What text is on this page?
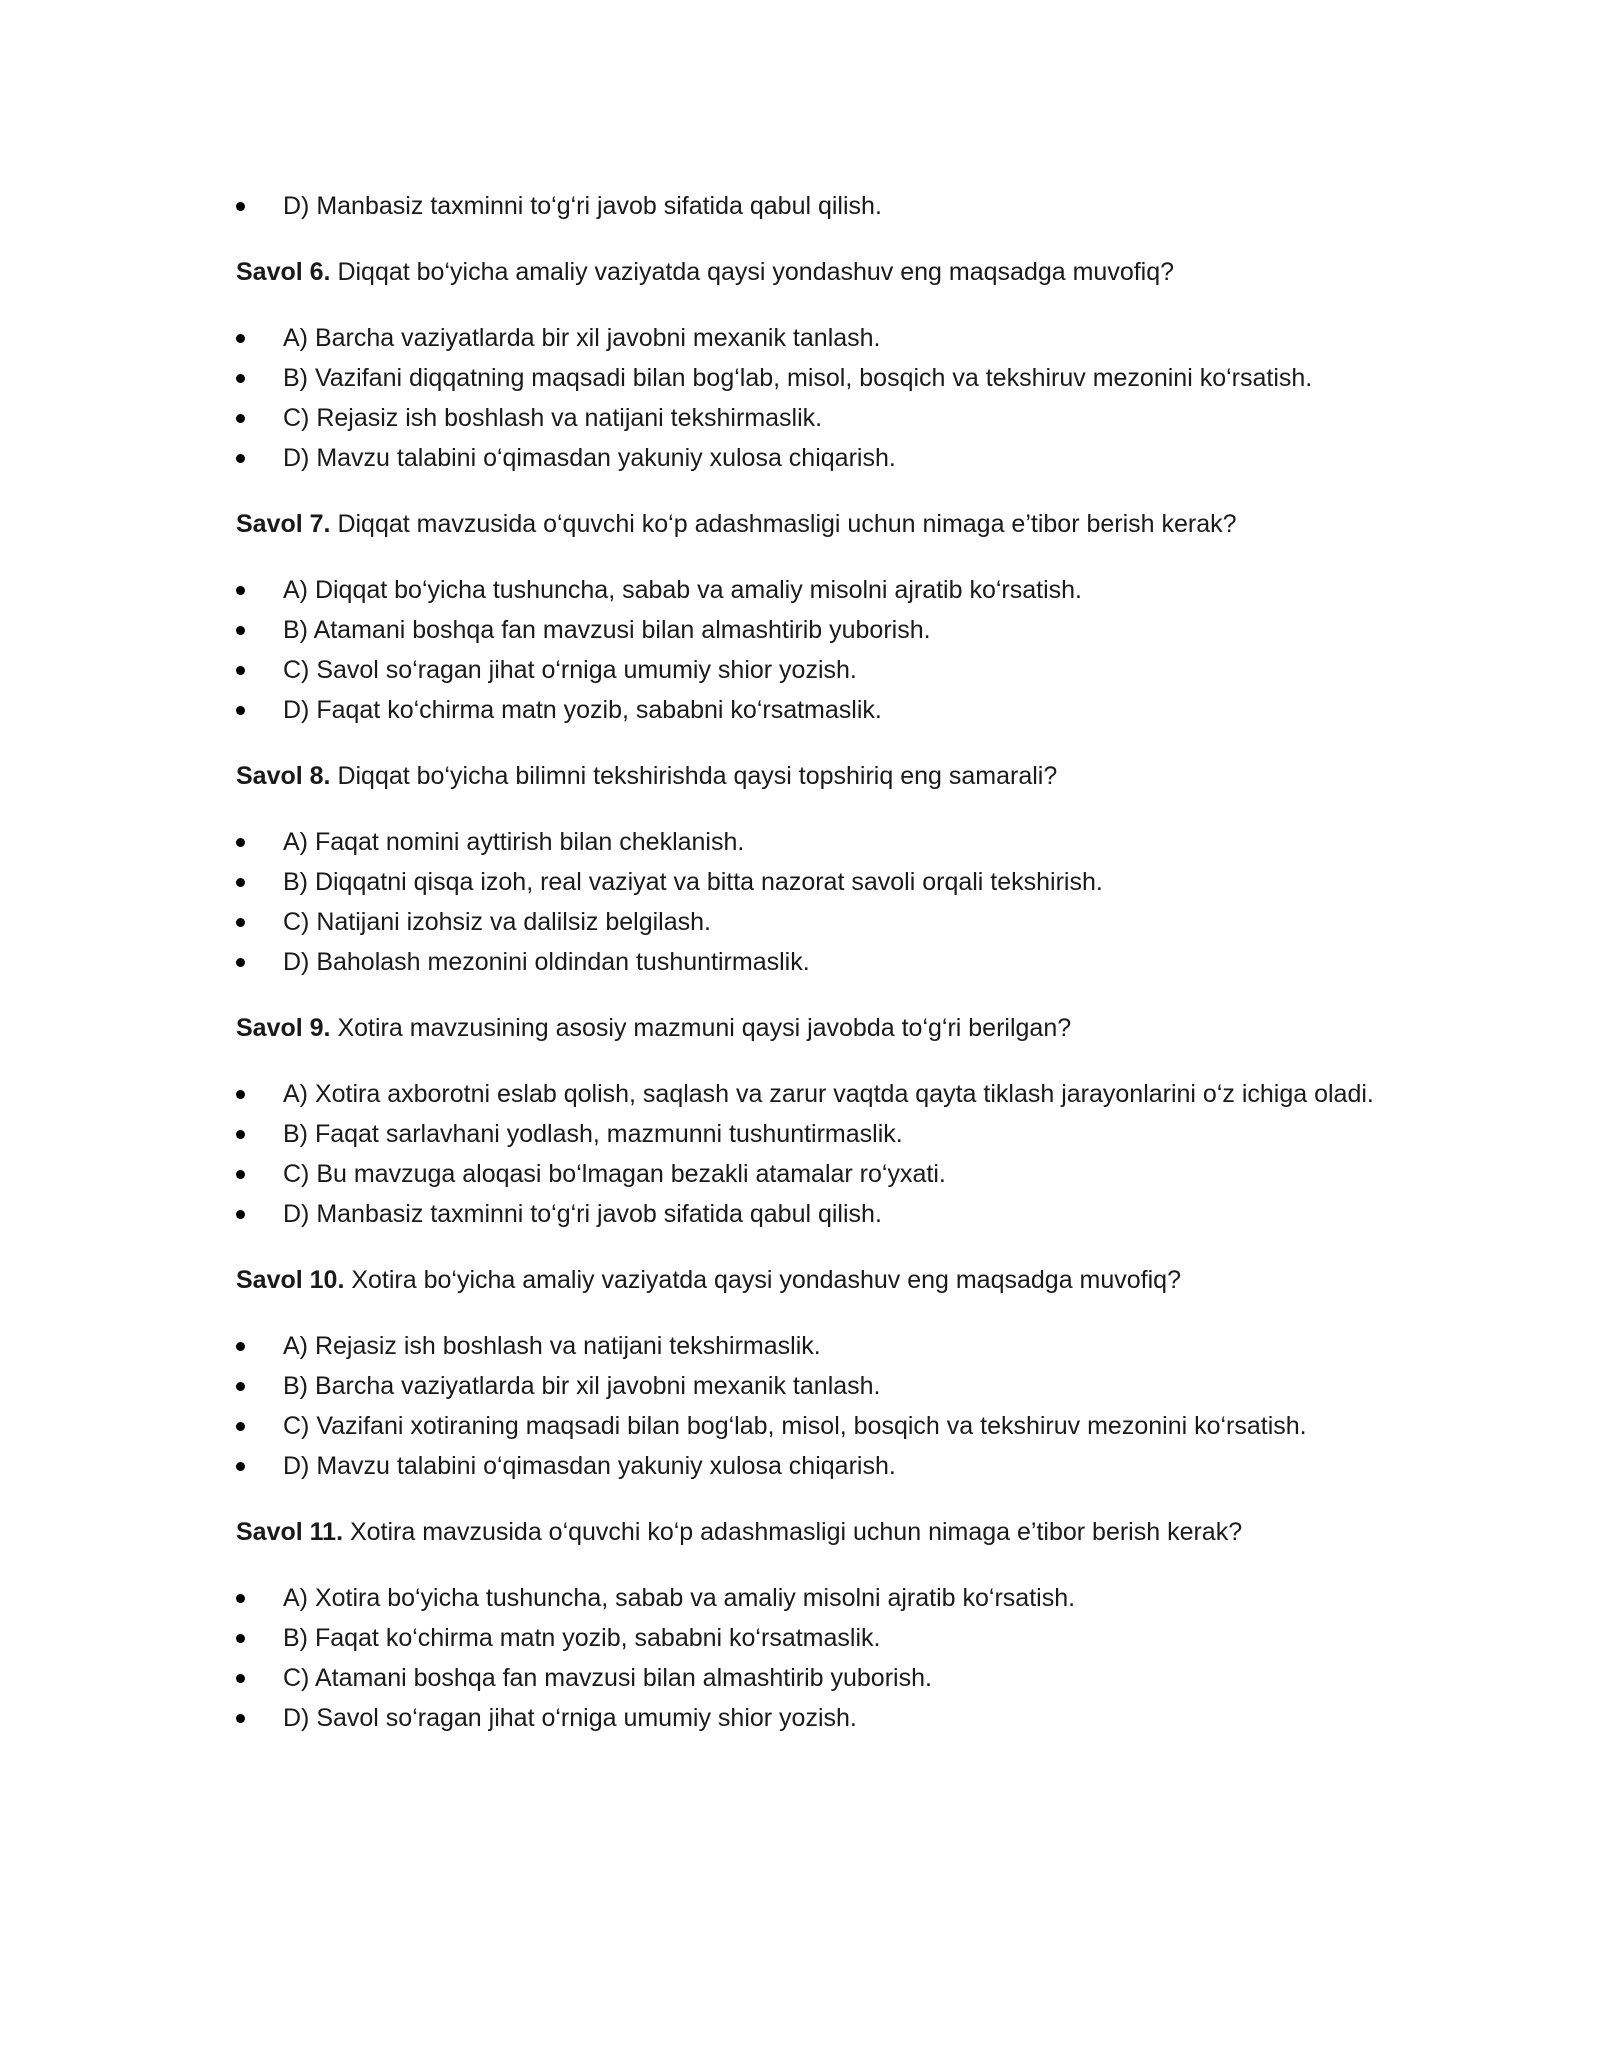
D) Manbasiz taxminni to‘g‘ri javob sifatida qabul qilish.

Savol 6. Diqqat bo‘yicha amaliy vaziyatda qaysi yondashuv eng maqsadga muvofiq?

A) Barcha vaziyatlarda bir xil javobni mexanik tanlash.
B) Vazifani diqqatning maqsadi bilan bog‘lab, misol, bosqich va tekshiruv mezonini ko‘rsatish.
C) Rejasiz ish boshlash va natijani tekshirmaslik.
D) Mavzu talabini o‘qimasdan yakuniy xulosa chiqarish.

Savol 7. Diqqat mavzusida o‘quvchi ko‘p adashmasligi uchun nimaga e’tibor berish kerak?

A) Diqqat bo‘yicha tushuncha, sabab va amaliy misolni ajratib ko‘rsatish.
B) Atamani boshqa fan mavzusi bilan almashtirib yuborish.
C) Savol so‘ragan jihat o‘rniga umumiy shior yozish.
D) Faqat ko‘chirma matn yozib, sababni ko‘rsatmaslik.

Savol 8. Diqqat bo‘yicha bilimni tekshirishda qaysi topshiriq eng samarali?

A) Faqat nomini ayttirish bilan cheklanish.
B) Diqqatni qisqa izoh, real vaziyat va bitta nazorat savoli orqali tekshirish.
C) Natijani izohsiz va dalilsiz belgilash.
D) Baholash mezonini oldindan tushuntirmaslik.

Savol 9. Xotira mavzusining asosiy mazmuni qaysi javobda to‘g‘ri berilgan?

A) Xotira axborotni eslab qolish, saqlash va zarur vaqtda qayta tiklash jarayonlarini o‘z ichiga oladi.
B) Faqat sarlavhani yodlash, mazmunni tushuntirmaslik.
C) Bu mavzuga aloqasi bo‘lmagan bezakli atamalar ro‘yxati.
D) Manbasiz taxminni to‘g‘ri javob sifatida qabul qilish.

Savol 10. Xotira bo‘yicha amaliy vaziyatda qaysi yondashuv eng maqsadga muvofiq?

A) Rejasiz ish boshlash va natijani tekshirmaslik.
B) Barcha vaziyatlarda bir xil javobni mexanik tanlash.
C) Vazifani xotiraning maqsadi bilan bog‘lab, misol, bosqich va tekshiruv mezonini ko‘rsatish.
D) Mavzu talabini o‘qimasdan yakuniy xulosa chiqarish.

Savol 11. Xotira mavzusida o‘quvchi ko‘p adashmasligi uchun nimaga e’tibor berish kerak?

A) Xotira bo‘yicha tushuncha, sabab va amaliy misolni ajratib ko‘rsatish.
B) Faqat ko‘chirma matn yozib, sababni ko‘rsatmaslik.
C) Atamani boshqa fan mavzusi bilan almashtirib yuborish.
D) Savol so‘ragan jihat o‘rniga umumiy shior yozish.
